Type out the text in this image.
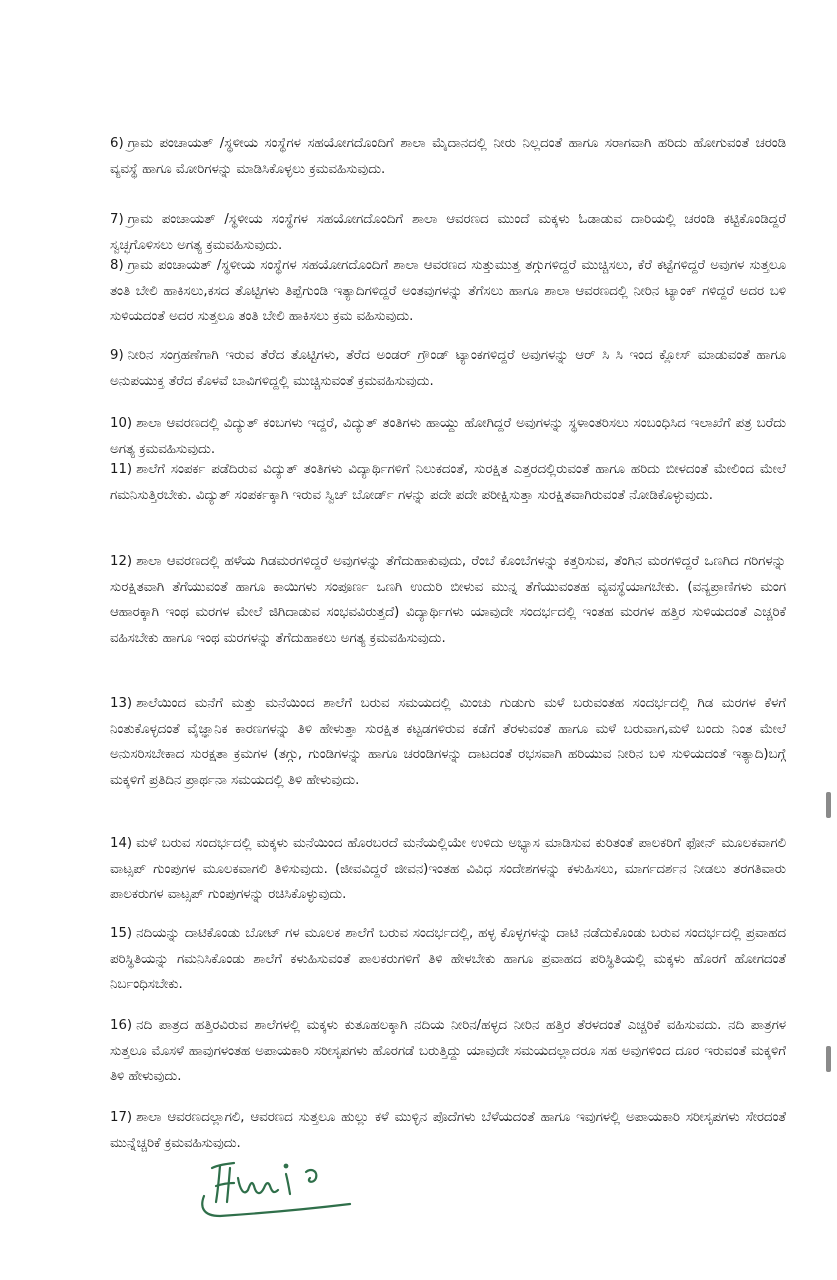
6) ಗ್ರಾಮ ಪಂಚಾಯತ್ /ಸ್ಥಳೀಯ ಸಂಸ್ಥೆಗಳ ಸಹಯೋಗದೊಂದಿಗೆ ಶಾಲಾ ಮೈದಾನದಲ್ಲಿ ನೀರು ನಿಲ್ಲದಂತೆ ಹಾಗೂ ಸರಾಗವಾಗಿ ಹರಿದು ಹೋಗುವಂತೆ ಚರಂಡಿ ವ್ಯವಸ್ಥೆ ಹಾಗೂ ಮೋರಿಗಳನ್ನು ಮಾಡಿಸಿಕೊಳ್ಳಲು ಕ್ರಮವಹಿಸುವುದು.

7) ಗ್ರಾಮ ಪಂಚಾಯತ್ /ಸ್ಥಳೀಯ ಸಂಸ್ಥೆಗಳ ಸಹಯೋಗದೊಂದಿಗೆ ಶಾಲಾ ಆವರಣದ ಮುಂದೆ ಮಕ್ಕಳು ಓಡಾಡುವ ದಾರಿಯಲ್ಲಿ ಚರಂಡಿ ಕಟ್ಟಿಕೊಂಡಿದ್ದರೆ ಸ್ವಚ್ಛಗೊಳಿಸಲು ಅಗತ್ಯ ಕ್ರಮವಹಿಸುವುದು.

8) ಗ್ರಾಮ ಪಂಚಾಯತ್ /ಸ್ಥಳೀಯ ಸಂಸ್ಥೆಗಳ ಸಹಯೋಗದೊಂದಿಗೆ ಶಾಲಾ ಆವರಣದ ಸುತ್ತುಮುತ್ತ ತಗ್ಗುಗಳಿದ್ದರೆ ಮುಚ್ಚಿಸಲು, ಕೆರೆ ಕಟ್ಟೆಗಳಿದ್ದರೆ ಅವುಗಳ ಸುತ್ತಲೂ ತಂತಿ ಬೇಲಿ ಹಾಕಿಸಲು,ಕಸದ ತೊಟ್ಟಿಗಳು ತಿಪ್ಪೆಗುಂಡಿ ಇತ್ಯಾದಿಗಳಿದ್ದರೆ ಅಂತವುಗಳನ್ನು ತೆಗೆಸಲು ಹಾಗೂ ಶಾಲಾ ಆವರಣದಲ್ಲಿ ನೀರಿನ ಟ್ಯಾಂಕ್ ಗಳಿದ್ದರೆ ಅದರ ಬಳಿ ಸುಳಿಯದಂತೆ ಅದರ ಸುತ್ತಲೂ ತಂತಿ ಬೇಲಿ ಹಾಕಿಸಲು ಕ್ರಮ ವಹಿಸುವುದು.

9) ನೀರಿನ ಸಂಗ್ರಹಣೆಗಾಗಿ ಇರುವ ತೆರೆದ ತೊಟ್ಟಿಗಳು, ತೆರೆದ ಅಂಡರ್ ಗ್ರೌಂಡ್ ಟ್ಯಾಂಕಗಳಿದ್ದರೆ ಅವುಗಳನ್ನು ಆರ್ ಸಿ ಸಿ ಇಂದ ಕ್ಲೋಸ್ ಮಾಡುವಂತೆ ಹಾಗೂ ಅನುಪಯುಕ್ತ ತೆರೆದ ಕೊಳವೆ ಬಾವಿಗಳಿದ್ದಲ್ಲಿ ಮುಚ್ಚಿಸುವಂತೆ ಕ್ರಮವಹಿಸುವುದು.

10) ಶಾಲಾ ಆವರಣದಲ್ಲಿ ವಿದ್ಯುತ್ ಕಂಬಗಳು ಇದ್ದರೆ, ವಿದ್ಯುತ್ ತಂತಿಗಳು ಹಾಯ್ದು ಹೋಗಿದ್ದರೆ ಅವುಗಳನ್ನು ಸ್ಥಳಾಂತರಿಸಲು ಸಂಬಂಧಿಸಿದ ಇಲಾಖೆಗೆ ಪತ್ರ ಬರೆದು ಅಗತ್ಯ ಕ್ರಮವಹಿಸುವುದು.

11) ಶಾಲೆಗೆ ಸಂಪರ್ಕ ಪಡೆದಿರುವ ವಿದ್ಯುತ್ ತಂತಿಗಳು ವಿದ್ಯಾರ್ಥಿಗಳಿಗೆ ನಿಲುಕದಂತೆ, ಸುರಕ್ಷಿತ ಎತ್ತರದಲ್ಲಿರುವಂತೆ ಹಾಗೂ ಹರಿದು ಬೀಳದಂತೆ ಮೇಲಿಂದ ಮೇಲೆ ಗಮನಿಸುತ್ತಿರಬೇಕು. ವಿದ್ಯುತ್ ಸಂಪರ್ಕಕ್ಕಾಗಿ ಇರುವ ಸ್ವಿಚ್ ಬೋರ್ಡ್ ಗಳನ್ನು ಪದೇ ಪದೇ ಪರೀಕ್ಷಿಸುತ್ತಾ ಸುರಕ್ಷಿತವಾಗಿರುವಂತೆ ನೋಡಿಕೊಳ್ಳುವುದು.

12) ಶಾಲಾ ಆವರಣದಲ್ಲಿ ಹಳೆಯ ಗಿಡಮರಗಳಿದ್ದರೆ ಅವುಗಳನ್ನು ತೆಗೆದುಹಾಕುವುದು, ರೆಂಬೆ ಕೊಂಬೆಗಳನ್ನು ಕತ್ತರಿಸುವ, ತೆಂಗಿನ ಮರಗಳಿದ್ದರೆ ಒಣಗಿದ ಗರಿಗಳನ್ನು ಸುರಕ್ಷಿತವಾಗಿ ತೆಗೆಯುವಂತೆ ಹಾಗೂ ಕಾಯಿಗಳು ಸಂಪೂರ್ಣ ಒಣಗಿ ಉದುರಿ ಬೀಳುವ ಮುನ್ನ ತೆಗೆಯುವಂತಹ ವ್ಯವಸ್ಥೆಯಾಗಬೇಕು. (ವನ್ಯಪ್ರಾಣಿಗಳು ಮಂಗ ಆಹಾರಕ್ಕಾಗಿ ಇಂಥ ಮರಗಳ ಮೇಲೆ ಜಿಗಿದಾಡುವ ಸಂಭವವಿರುತ್ತದೆ) ವಿದ್ಯಾರ್ಥಿಗಳು ಯಾವುದೇ ಸಂದರ್ಭದಲ್ಲಿ ಇಂತಹ ಮರಗಳ ಹತ್ತಿರ ಸುಳಿಯದಂತೆ ಎಚ್ಚರಿಕೆ ವಹಿಸಬೇಕು ಹಾಗೂ ಇಂಥ ಮರಗಳನ್ನು ತೆಗೆದುಹಾಕಲು ಅಗತ್ಯ ಕ್ರಮವಹಿಸುವುದು.

13) ಶಾಲೆಯಿಂದ ಮನೆಗೆ ಮತ್ತು ಮನೆಯಿಂದ ಶಾಲೆಗೆ ಬರುವ ಸಮಯದಲ್ಲಿ ಮಿಂಚು ಗುಡುಗು ಮಳೆ ಬರುವಂತಹ ಸಂದರ್ಭದಲ್ಲಿ ಗಿಡ ಮರಗಳ ಕೆಳಗೆ ನಿಂತುಕೊಳ್ಳದಂತೆ ವೈಜ್ಞಾನಿಕ ಕಾರಣಗಳನ್ನು ತಿಳಿ ಹೇಳುತ್ತಾ ಸುರಕ್ಷಿತ ಕಟ್ಟಡಗಳಿರುವ ಕಡೆಗೆ ತೆರಳುವಂತೆ ಹಾಗೂ ಮಳೆ ಬರುವಾಗ,ಮಳೆ ಬಂದು ನಿಂತ ಮೇಲೆ ಅನುಸರಿಸಬೇಕಾದ ಸುರಕ್ಷತಾ ಕ್ರಮಗಳ (ತಗ್ಗು, ಗುಂಡಿಗಳನ್ನು ಹಾಗೂ ಚರಂಡಿಗಳನ್ನು ದಾಟದಂತೆ ರಭಸವಾಗಿ ಹರಿಯುವ ನೀರಿನ ಬಳಿ ಸುಳಿಯದಂತೆ ಇತ್ಯಾದಿ)ಬಗ್ಗೆ ಮಕ್ಕಳಿಗೆ ಪ್ರತಿದಿನ ಪ್ರಾರ್ಥನಾ ಸಮಯದಲ್ಲಿ ತಿಳಿ ಹೇಳುವುದು.

14) ಮಳೆ ಬರುವ ಸಂದರ್ಭದಲ್ಲಿ ಮಕ್ಕಳು ಮನೆಯಿಂದ ಹೊರಬರದೆ ಮನೆಯಲ್ಲಿಯೇ ಉಳಿದು ಅಭ್ಯಾಸ ಮಾಡಿಸುವ ಕುರಿತಂತೆ ಪಾಲಕರಿಗೆ ಫೋನ್ ಮೂಲಕವಾಗಲಿ ವಾಟ್ಸಪ್ ಗುಂಪುಗಳ ಮೂಲಕವಾಗಲಿ ತಿಳಿಸುವುದು. (ಜೀವವಿದ್ದರೆ ಜೀವನ)ಇಂತಹ ವಿವಿಧ ಸಂದೇಶಗಳನ್ನು ಕಳುಹಿಸಲು, ಮಾರ್ಗದರ್ಶನ ನೀಡಲು ತರಗತಿವಾರು ಪಾಲಕರುಗಳ ವಾಟ್ಸಪ್ ಗುಂಪುಗಳನ್ನು ರಚಿಸಿಕೊಳ್ಳುವುದು.

15) ನದಿಯನ್ನು ದಾಟಿಕೊಂಡು ಬೋಟ್ ಗಳ ಮೂಲಕ ಶಾಲೆಗೆ ಬರುವ ಸಂದರ್ಭದಲ್ಲಿ, ಹಳ್ಳ ಕೊಳ್ಳಗಳನ್ನು ದಾಟಿ ನಡೆದುಕೊಂಡು ಬರುವ ಸಂದರ್ಭದಲ್ಲಿ ಪ್ರವಾಹದ ಪರಿಸ್ಥಿತಿಯನ್ನು ಗಮನಿಸಿಕೊಂಡು ಶಾಲೆಗೆ ಕಳುಹಿಸುವಂತೆ ಪಾಲಕರುಗಳಿಗೆ ತಿಳಿ ಹೇಳಬೇಕು ಹಾಗೂ ಪ್ರವಾಹದ ಪರಿಸ್ಥಿತಿಯಲ್ಲಿ ಮಕ್ಕಳು ಹೊರಗೆ ಹೋಗದಂತೆ ನಿರ್ಬಂಧಿಸಬೇಕು.

16) ನದಿ ಪಾತ್ರದ ಹತ್ತಿರವಿರುವ ಶಾಲೆಗಳಲ್ಲಿ ಮಕ್ಕಳು ಕುತೂಹಲಕ್ಕಾಗಿ ನದಿಯ ನೀರಿನ/ಹಳ್ಳದ ನೀರಿನ ಹತ್ತಿರ ತೆರಳದಂತೆ ಎಚ್ಚರಿಕೆ ವಹಿಸುವದು. ನದಿ ಪಾತ್ರಗಳ ಸುತ್ತಲೂ ಮೊಸಳೆ ಹಾವುಗಳಂತಹ ಅಪಾಯಕಾರಿ ಸರೀಸೃಪಗಳು ಹೊರಗಡೆ ಬರುತ್ತಿದ್ದು ಯಾವುದೇ ಸಮಯದಲ್ಲಾದರೂ ಸಹ ಅವುಗಳಿಂದ ದೂರ ಇರುವಂತೆ ಮಕ್ಕಳಿಗೆ ತಿಳಿ ಹೇಳುವುದು.

17) ಶಾಲಾ ಆವರಣದಲ್ಲಾಗಲಿ, ಆವರಣದ ಸುತ್ತಲೂ ಹುಲ್ಲು ಕಳೆ ಮುಳ್ಳಿನ ಪೊದೆಗಳು ಬೆಳೆಯದಂತೆ ಹಾಗೂ ಇವುಗಳಲ್ಲಿ ಅಪಾಯಕಾರಿ ಸರೀಸೃಪಗಳು ಸೇರದಂತೆ ಮುನ್ನೆಚ್ಚರಿಕೆ ಕ್ರಮವಹಿಸುವುದು.
